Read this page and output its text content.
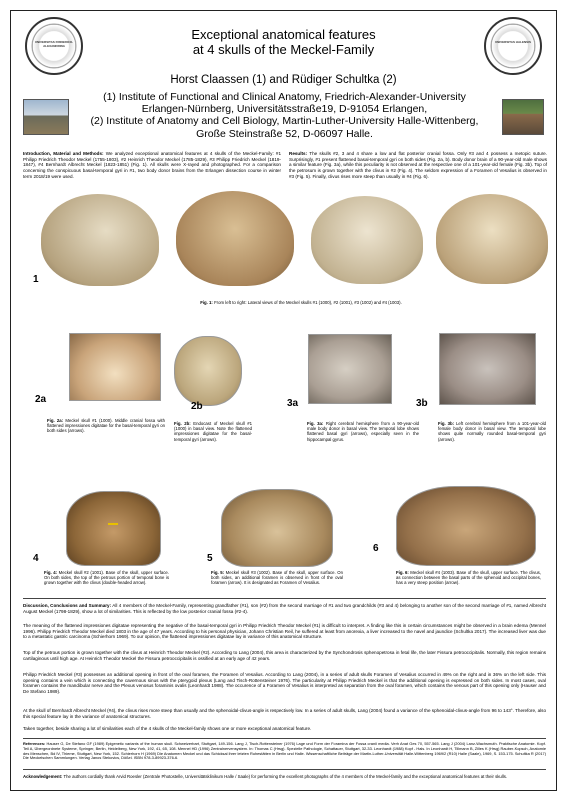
UNIVERSITAS FRIDERICO-ALEXANDRINA
UNIVERSITAS HALENSIS
Exceptional anatomical features
at 4 skulls of the Meckel-Family
Horst Claassen (1) and Rüdiger Schultka (2)
(1) Institute of Functional and Clinical Anatomy, Friedrich-Alexander-University
Erlangen-Nürnberg, Universitätsstraße19, D-91054 Erlangen,
(2) Institute of Anatomy and Cell Biology, Martin-Luther-University Halle-Wittenberg,
Große Steinstraße 52, D-06097 Halle.
Introduction, Material and Methods: We analyzed exceptional anatomical features at 4 skulls of the Meckel-Family: #1 Philipp Friedrich Theodor Meckel (1755-1803), #2 Heinrich Theodor Meckel (1785-1829), #3 Philipp Friedrich Meckel (1819-1847), #4 Bernhardt Albrecht Meckel (1823-1851) (Fig. 1). All skulls were X-rayed and photographed. For a comparison concerning the conspicuous basal-temporal gyri in #1, two body donor brains from the Erlangen dissection course in winter term 2018/19 were used.
Results: The skulls #2, 3 and 4 share a low and flat posterior cranial fossa. Only #3 and 4 possess a metopic suture. Surprisingly, #1 present flattened basal-temporal gyri on both sides (Fig. 2a, b). Body donor brain of a 90-year-old male shows a similar feature (Fig. 3a), while this peculiarity is not observed at the respective one of a 101-year-old female (Fig. 3b). Top of the petrosum is grown together with the clivus in #2 (Fig. 4). The seldom expression of a Foramen of Vesalius is observed in #3 (Fig. 5). Finally, clivus rises more steep than usually in #4 (Fig. 6).
1
Fig. 1: From left to right: Lateral views of the Meckel skulls #1 (1000), #2 (1001), #3 (1002) and #4 (1003).
2a
Fig. 2a: Meckel skull #1 (1000). Middle cranial fossa with flattened impressiones digitatae for the basal-temporal gyri on both sides (arrows).
2b
Fig. 2b: Endocast of Meckel skull #1 (1000) in basal view. Note the flattened impressiones digitatae for the basal-temporal gyri (arrows).
3a
Fig. 3a: Right cerebral hemisphere from a 90-year-old male body donor in basal view. The temporal lobe shows flattened basal gyri (arrows), especially seen in the hippocampal gyrus.
3b
Fig. 3b: Left cerebral hemisphere from a 101-year-old female body donor in basal view. The temporal lobe shows quite normally rounded basal-temporal gyri (arrows).
4
Fig. 4: Meckel skull #2 (1001). Base of the skull, upper surface. On both sides, the top of the petrous portion of temporal bone is grown together with the clivus (double-headed arrow).
5
Fig. 5: Meckel skull #3 (1002). Base of the skull, upper surface. On both sides, an additional foramen is observed in front of the oval foramen (arrow). It is designated as Foramen of Vesalius.
6
Fig. 6: Meckel skull #4 (1003). Base of the skull, upper surface. The clivus, as connection between the basal parts of the sphenoid and occipital bones, has a very steep position (arrow).
Discussion, Conclusions and Summary: All 4 members of the Meckel-Family, representing grandfather (#1), son (#2) from the second marriage of #1 and two grandchilds (#3 and 4) belonging to another son of the second marriage of #1, named Albrecht August Meckel (1798-1829), show a lot of similarities. This is reflected by the low posterior cranial fossa (#2-4).
The meaning of the flattened impressiones digitatae representing the negative of the basal-temporal gyri in Philipp Friedrich Theodor Meckel (#1) is difficult to interpret. A finding like this in certain circumstances might be observed in a brain edema (Mennel 1996). Philipp Friedrich Theodor Meckel died 1803 in the age of 47 years. According to his personal physician, Johann Christian Reil, he suffered at least from anorexia, a liver increased to the navel and jaundice (Schultka 2017). The increased liver was due to a metastatic gastric carcinoma (Schierhorn 1969). To our opinion, the flattened impressiones digitatae lay in variance of this anatomical structure.
Top of the petrous portion is grown together with the clivus at Heinrich Theodor Meckel (#2). According to Lang (2004), this area is characterized by the Synchondrosis sphenopetrosa in fetal life, the later Fissura petrooccipitalis. Normally, this region remains cartilaginous until high age. At Heinrich Theodor Meckel the Fissura petrooccipitalis is ossified at an early age of 42 years.
Philipp Friedrich Meckel (#3) possesses an additional opening in front of the oval foramen, the Foramen of Vesalius. According to Lang (2004), in a series of adult skulls Foramen of Vesalius occurred in 49% on the right and in 36% on the left side. This opening contains a vein which is connecting the cavernous sinus with the pterygoid plexus (Lang and Tisch-Rottensteiner 1976). The particularity at Philipp Friedrich Meckel is that the additional opening is expressed on both sides. In most cases, oval foramen contains the mandibular nerve and the Plexus venosus foraminis ovalis (Leonhardt 1988). The occurence of a Foramen of Vesalius is interpreted as separation from the oval foramen, which contains the venous part of this opening only (Hauser and De Stefano 1989).
At the skull of Bernhardt Albrecht Meckel (#4), the clivus rises more steep than usually and the sphenoidal-clivus-angle is respectively low. In a series of adult skulls, Lang (2004) found a variance of the sphenoidal-clivus-angle from 96 to 143°. Therefore, also this special feature lay in the variance of anatomical structures.
Taken together, beside sharing a lot of similarities each of the 4 skulls of the Meckel-family shows one or more exceptional anatomical feature.
References: Hauser G, De Stefano GF (1989) Epigenetic variants of the human skull. Schweizerbart, Stuttgart, 149-156. Lang J, Tisch-Rottensteiner (1976) Lage und Form der Foramina der Fossa cranii media. Verh Anat Ges 70, 557-565. Lang J (2004) Lanz-Wachsmuth. Praktische Anatomie. Kopf. Teil A, Übergeordnete Systeme, Springer, Berlin, Heidelberg, New York, 192, 41, 65, 108. Mennel HD (1996) Zentralnervensystem. In: Thomas C (Hrsg). Spezielle Pathologie, Schattauer, Stuttgart, 32-33. Leonhardt (1988) Kopf - Hals. In Leonhardt H, Tillmann B, Zilles K (Hrsg) Rauber-Kopsch, Anatomie des Menschen, Bd IV, Thieme, Stuttgart, New York, 152. Schierhorn H (1969) Die Anatomen Meckel und das Schicksal ihrer letzten Ruhestätten in Berlin und Halle. Wissenschaftliche Beiträge der Martin-Luther-Universität Halle-Wittenberg 1969/2 (R10) Halle (Saale), 1969, S. 153-175. Schultka R (2017) Die Meckelschen Sammlungen. Verlag Janos Stekovics, Dößel. ISBN 978-3-89923-376-6.
Acknowledgement: The authors cordially thank Arvid Roesler (Zentrale Photostelle, Universitätsklinikum Halle / Saale) for performing the excellent photographs of the 4 members of the Meckel-family and the exceptional anatomical features at their skulls.
